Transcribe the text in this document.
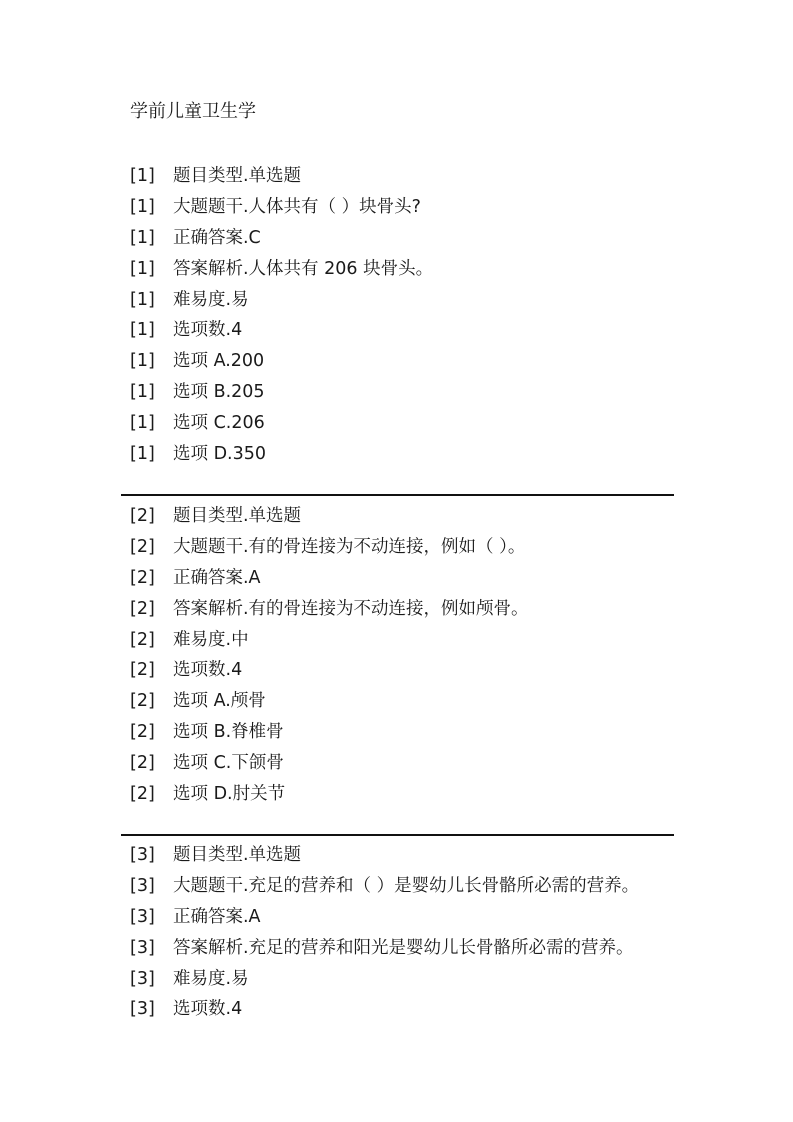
学前儿童卫生学
[1]	题目类型.单选题
[1]	大题题干.人体共有（ ）块骨头?
[1]	正确答案.C
[1]	答案解析.人体共有 206 块骨头。
[1]	难易度.易
[1]	选项数.4
[1]	选项 A.200
[1]	选项 B.205
[1]	选项 C.206
[1]	选项 D.350
[2]	题目类型.单选题
[2]	大题题干.有的骨连接为不动连接，例如（ ）。
[2]	正确答案.A
[2]	答案解析.有的骨连接为不动连接，例如颅骨。
[2]	难易度.中
[2]	选项数.4
[2]	选项 A.颅骨
[2]	选项 B.脊椎骨
[2]	选项 C.下颌骨
[2]	选项 D.肘关节
[3]	题目类型.单选题
[3]	大题题干.充足的营养和（ ）是婴幼儿长骨骼所必需的营养。
[3]	正确答案.A
[3]	答案解析.充足的营养和阳光是婴幼儿长骨骼所必需的营养。
[3]	难易度.易
[3]	选项数.4
